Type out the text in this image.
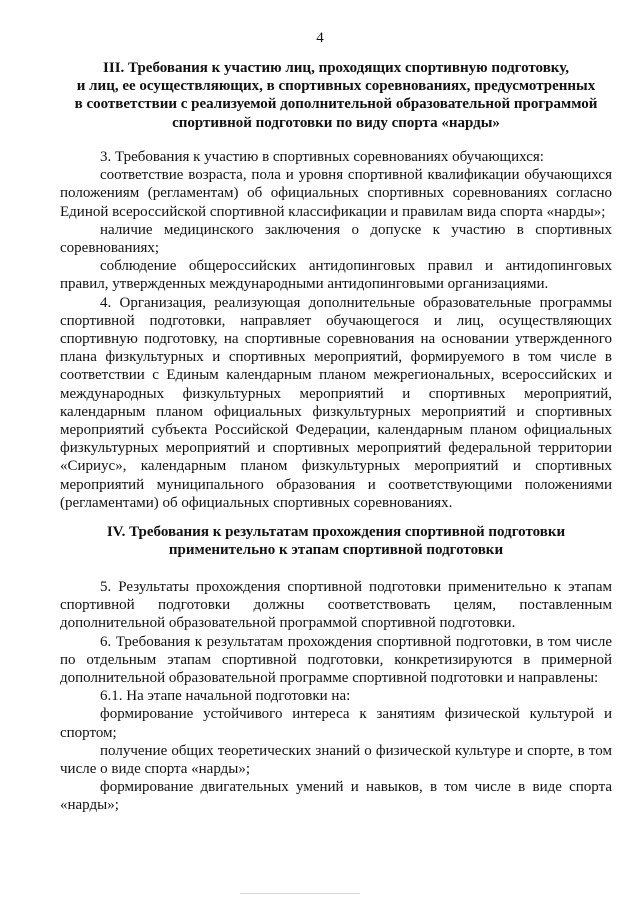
4

III. Требования к участию лиц, проходящих спортивную подготовку,

и лиц, ее осуществляющих, в спортивных соревнованиях, предусмотренных

в соответствии с реализуемой дополнительной образовательной программой

спортивной подготовки по виду спорта «нарды»

3. Требования к участию в спортивных соревнованиях обучающихся:

соответствие возраста, пола и уровня спортивной квалификации обучающихся положениям (регламентам) об официальных спортивных соревнованиях согласно Единой всероссийской спортивной классификации и правилам вида спорта «нарды»;

наличие медицинского заключения о допуске к участию в спортивных соревнованиях;

соблюдение общероссийских антидопинговых правил и антидопинговых правил, утвержденных международными антидопинговыми организациями.

4. Организация, реализующая дополнительные образовательные программы спортивной подготовки, направляет обучающегося и лиц, осуществляющих спортивную подготовку, на спортивные соревнования на основании утвержденного плана физкультурных и спортивных мероприятий, формируемого в том числе в соответствии с Единым календарным планом межрегиональных, всероссийских и международных физкультурных мероприятий и спортивных мероприятий, календарным планом официальных физкультурных мероприятий и спортивных мероприятий субъекта Российской Федерации, календарным планом официальных физкультурных мероприятий и спортивных мероприятий федеральной территории «Сириус», календарным планом физкультурных мероприятий и спортивных мероприятий муниципального образования и соответствующими положениями (регламентами) об официальных спортивных соревнованиях.

IV. Требования к результатам прохождения спортивной подготовки

применительно к этапам спортивной подготовки

5. Результаты прохождения спортивной подготовки применительно к этапам спортивной подготовки должны соответствовать целям, поставленным дополнительной образовательной программой спортивной подготовки.

6. Требования к результатам прохождения спортивной подготовки, в том числе по отдельным этапам спортивной подготовки, конкретизируются в примерной дополнительной образовательной программе спортивной подготовки и направлены:

6.1. На этапе начальной подготовки на:

формирование устойчивого интереса к занятиям физической культурой и спортом;

получение общих теоретических знаний о физической культуре и спорте, в том числе о виде спорта «нарды»;

формирование двигательных умений и навыков, в том числе в виде спорта «нарды»;
